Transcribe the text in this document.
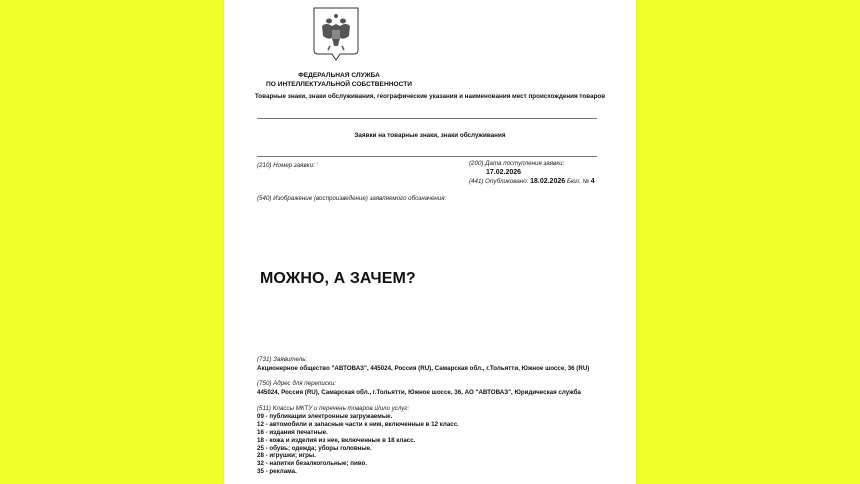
ФЕДЕРАЛЬНАЯ СЛУЖБА
ПО ИНТЕЛЛЕКТУАЛЬНОЙ СОБСТВЕННОСТИ
Товарные знаки, знаки обслуживания, географические указания и наименования мест происхождения товаров
Заявки на товарные знаки, знаки обслуживания
(210) Номер заявки: '	(200) Дата поступления заявки:
17.02.2026
(441) Опубликовано: 18.02.2026 Бюл. № 4
(540) Изображение (воспроизведение) заявляемого обозначения:
МОЖНО, А ЗАЧЕМ?
(731) Заявитель:
Акционерное общество "АВТОВАЗ", 445024, Россия (RU), Самарская обл., г.Тольятти, Южное шоссе, 36 (RU)
(750) Адрес для переписки:
445024, Россия (RU), Самарская обл., г.Тольятти, Южное шоссе, 36, АО "АВТОВАЗ", Юридическая служба
(511) Классы МКТУ и перечень товаров и/или услуг:
09 - публикации электронные загружаемые.
12 - автомобили и запасные части к ним, включенные в 12 класс.
16 - издания печатные.
18 - кожа и изделия из нее, включенные в 18 класс.
25 - обувь; одежда; уборы головные.
28 - игрушки; игры.
32 - напитки безалкогольные; пиво.
35 - реклама.
